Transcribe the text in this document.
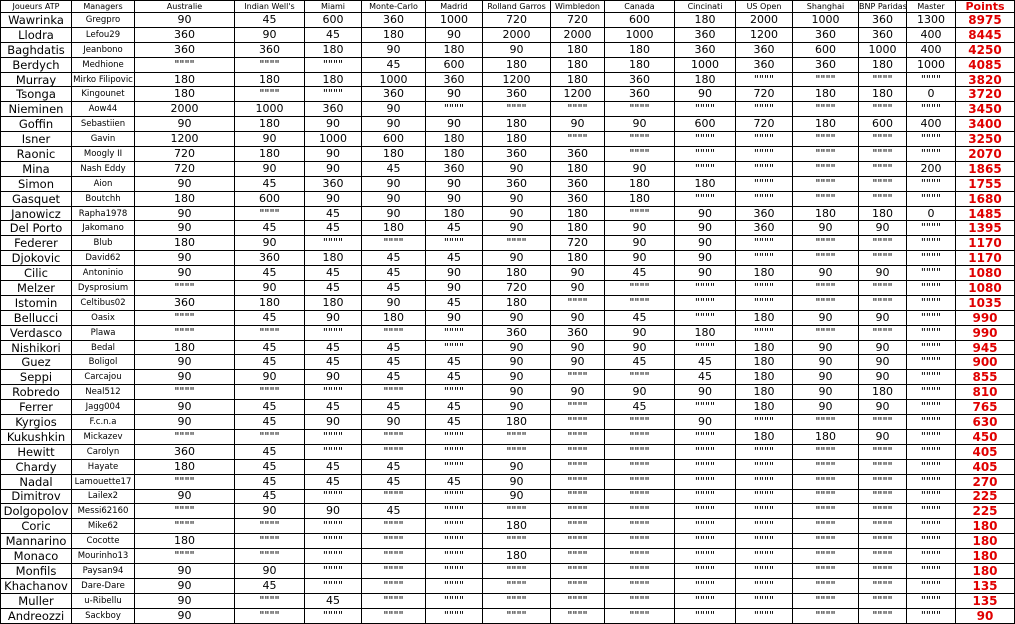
Joueurs ATP	Managers	Australie	Indian Well's	Miami	Monte-Carlo	Madrid	Rolland Garros	Wimbledon	Canada	Cincinati	US Open	Shanghai	BNP Paridas	Master	Points
Wawrinka	Gregpro	90	45	600	360	1000	720	720	600	180	2000	1000	360	1300	8975
Llodra	Lefou29	360	90	45	180	90	2000	2000	1000	360	1200	360	360	400	8445
Baghdatis	Jeanbono	360	360	180	90	180	90	180	180	360	360	600	1000	400	4250
Berdych	Medhione	""""	""""	""""	45	600	180	180	180	1000	360	360	180	1000	4085
Murray	Mirko Filipovic	180	180	180	1000	360	1200	180	360	180	""""	""""	""""	""""	3820
Tsonga	Kingounet	180	""""	""""	360	90	360	1200	360	90	720	180	180	0	3720
Nieminen	Aow44	2000	1000	360	90	""""	""""	""""	""""	""""	""""	""""	""""	""""	3450
Goffin	Sebastiien	90	180	90	90	90	180	90	90	600	720	180	600	400	3400
Isner	Gavin	1200	90	1000	600	180	180	""""	""""	""""	""""	""""	""""	""""	3250
Raonic	Moogly II	720	180	90	180	180	360	360	""""	""""	""""	""""	""""	""""	2070
Mina	Nash Eddy	720	90	90	45	360	90	180	90	""""	""""	""""	""""	200	1865
Simon	Aion	90	45	360	90	90	360	360	180	180	""""	""""	""""	""""	1755
Gasquet	Boutchh	180	600	90	90	90	90	360	180	""""	""""	""""	""""	""""	1680
Janowicz	Rapha1978	90	""""	45	90	180	90	180	""""	90	360	180	180	0	1485
Del Porto	Jakomano	90	45	45	180	45	90	180	90	90	360	90	90	""""	1395
Federer	Blub	180	90	""""	""""	""""	""""	720	90	90	""""	""""	""""	""""	1170
Djokovic	David62	90	360	180	45	45	90	180	90	90	""""	""""	""""	""""	1170
Cilic	Antoninio	90	45	45	45	90	180	90	45	90	180	90	90	""""	1080
Melzer	Dysprosium	""""	90	45	45	90	720	90	""""	""""	""""	""""	""""	""""	1080
Istomin	Celtibus02	360	180	180	90	45	180	""""	""""	""""	""""	""""	""""	""""	1035
Bellucci	Oasix	""""	45	90	180	90	90	90	45	""""	180	90	90	""""	990
Verdasco	Plawa	""""	""""	""""	""""	""""	360	360	90	180	""""	""""	""""	""""	990
Nishikori	Bedal	180	45	45	45	""""	90	90	90	""""	180	90	90	""""	945
Guez	Boligol	90	45	45	45	45	90	90	45	45	180	90	90	""""	900
Seppi	Carcajou	90	90	90	45	45	90	""""	""""	45	180	90	90	""""	855
Robredo	Neal512	""""	""""	""""	""""	""""	90	90	90	90	180	90	180	""""	810
Ferrer	Jagg004	90	45	45	45	45	90	""""	45	""""	180	90	90	""""	765
Kyrgios	F.c.n.a	90	45	90	90	45	180	""""	""""	90	""""	""""	""""	""""	630
Kukushkin	Mickazev	""""	""""	""""	""""	""""	""""	""""	""""	""""	180	180	90	""""	450
Hewitt	Carolyn	360	45	""""	""""	""""	""""	""""	""""	""""	""""	""""	""""	""""	405
Chardy	Hayate	180	45	45	45	""""	90	""""	""""	""""	""""	""""	""""	""""	405
Nadal	Lamouette17	""""	45	45	45	45	90	""""	""""	""""	""""	""""	""""	""""	270
Dimitrov	Lailex2	90	45	""""	""""	""""	90	""""	""""	""""	""""	""""	""""	""""	225
Dolgopolov	Messi62160	""""	90	90	45	""""	""""	""""	""""	""""	""""	""""	""""	""""	225
Coric	Mike62	""""	""""	""""	""""	""""	180	""""	""""	""""	""""	""""	""""	""""	180
Mannarino	Cocotte	180	""""	""""	""""	""""	""""	""""	""""	""""	""""	""""	""""	""""	180
Monaco	Mourinho13	""""	""""	""""	""""	""""	180	""""	""""	""""	""""	""""	""""	""""	180
Monfils	Paysan94	90	90	""""	""""	""""	""""	""""	""""	""""	""""	""""	""""	""""	180
Khachanov	Dare-Dare	90	45	""""	""""	""""	""""	""""	""""	""""	""""	""""	""""	""""	135
Muller	u-Ribellu	90	""""	45	""""	""""	""""	""""	""""	""""	""""	""""	""""	""""	135
Andreozzi	Sackboy	90	""""	""""	""""	""""	""""	""""	""""	""""	""""	""""	""""	""""	90
